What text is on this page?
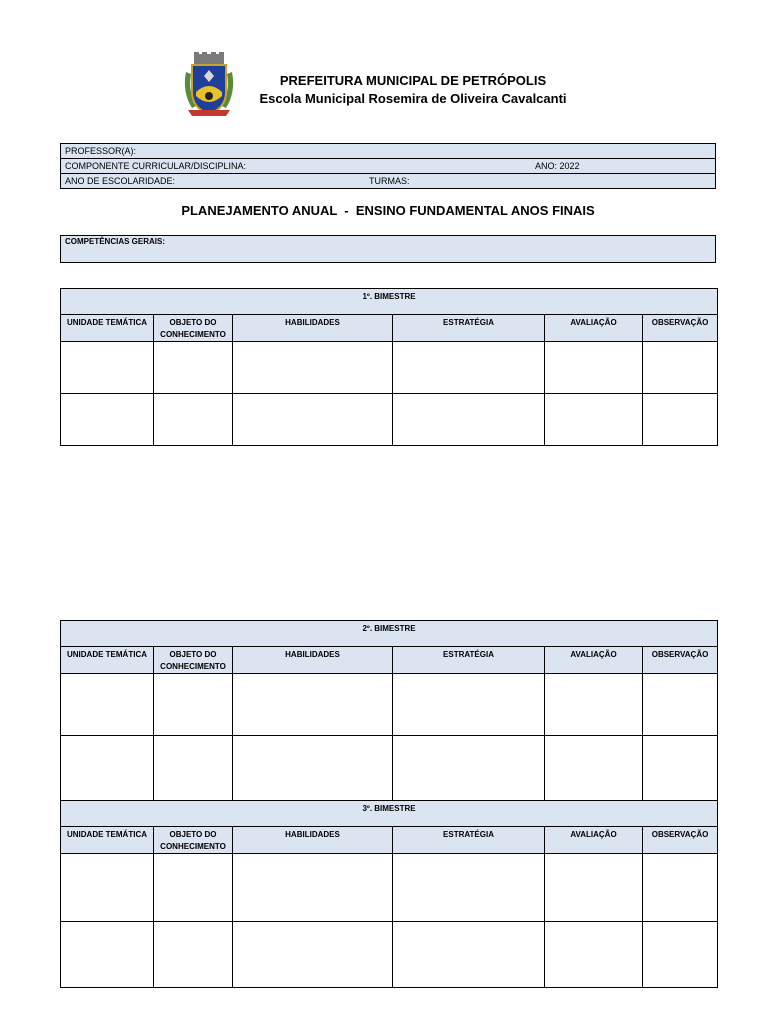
PREFEITURA MUNICIPAL DE PETRÓPOLIS
Escola Municipal Rosemira de Oliveira Cavalcanti
PROFESSOR(A):
COMPONENTE CURRICULAR/DISCIPLINA:	ANO: 2022
ANO DE ESCOLARIDADE:	TURMAS:
PLANEJAMENTO ANUAL  -  ENSINO FUNDAMENTAL ANOS FINAIS
COMPETÊNCIAS GERAIS:
1º. BIMESTRE					
UNIDADE TEMÁTICA	OBJETO DO CONHECIMENTO	HABILIDADES	ESTRATÉGIA	AVALIAÇÃO	OBSERVAÇÃO

2º. BIMESTRE					
UNIDADE TEMÁTICA	OBJETO DO CONHECIMENTO	HABILIDADES	ESTRATÉGIA	AVALIAÇÃO	OBSERVAÇÃO

3º. BIMESTRE					
UNIDADE TEMÁTICA	OBJETO DO CONHECIMENTO	HABILIDADES	ESTRATÉGIA	AVALIAÇÃO	OBSERVAÇÃO
